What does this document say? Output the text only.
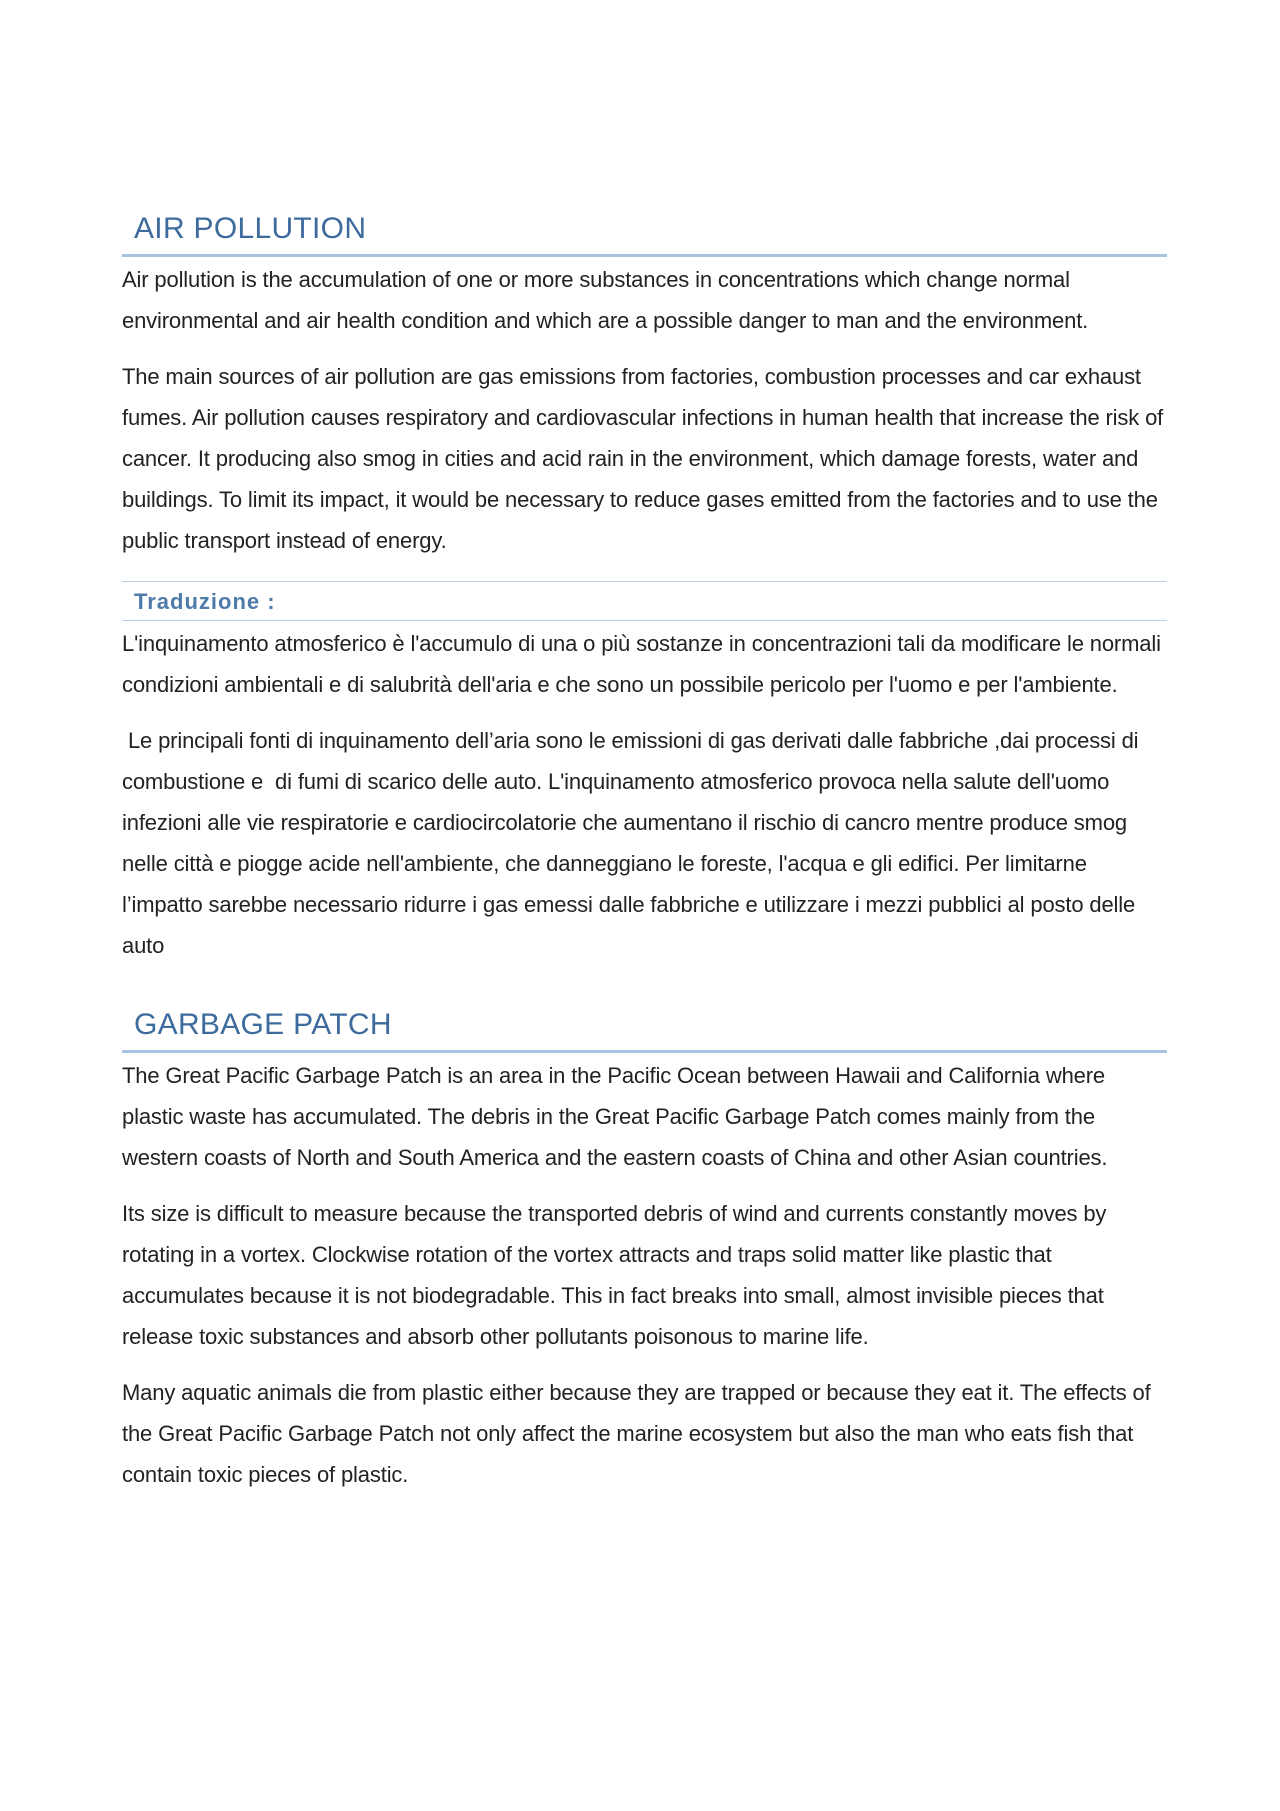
AIR POLLUTION

Air pollution is the accumulation of one or more substances in concentrations which change normal environmental and air health condition and which are a possible danger to man and the environment.

The main sources of air pollution are gas emissions from factories, combustion processes and car exhaust fumes. Air pollution causes respiratory and cardiovascular infections in human health that increase the risk of cancer. It producing also smog in cities and acid rain in the environment, which damage forests, water and buildings. To limit its impact, it would be necessary to reduce gases emitted from the factories and to use the public transport instead of energy.

Traduzione :

L'inquinamento atmosferico è l'accumulo di una o più sostanze in concentrazioni tali da modificare le normali condizioni ambientali e di salubrità dell'aria e che sono un possibile pericolo per l'uomo e per l'ambiente.

Le principali fonti di inquinamento dell’aria sono le emissioni di gas derivati dalle fabbriche ,dai processi di combustione e  di fumi di scarico delle auto. L'inquinamento atmosferico provoca nella salute dell'uomo infezioni alle vie respiratorie e cardiocircolatorie che aumentano il rischio di cancro mentre produce smog nelle città e piogge acide nell'ambiente, che danneggiano le foreste, l'acqua e gli edifici. Per limitarne l’impatto sarebbe necessario ridurre i gas emessi dalle fabbriche e utilizzare i mezzi pubblici al posto delle auto

GARBAGE PATCH

The Great Pacific Garbage Patch is an area in the Pacific Ocean between Hawaii and California where plastic waste has accumulated. The debris in the Great Pacific Garbage Patch comes mainly from the western coasts of North and South America and the eastern coasts of China and other Asian countries.

Its size is difficult to measure because the transported debris of wind and currents constantly moves by rotating in a vortex. Clockwise rotation of the vortex attracts and traps solid matter like plastic that accumulates because it is not biodegradable. This in fact breaks into small, almost invisible pieces that release toxic substances and absorb other pollutants poisonous to marine life.

Many aquatic animals die from plastic either because they are trapped or because they eat it. The effects of the Great Pacific Garbage Patch not only affect the marine ecosystem but also the man who eats fish that contain toxic pieces of plastic.
